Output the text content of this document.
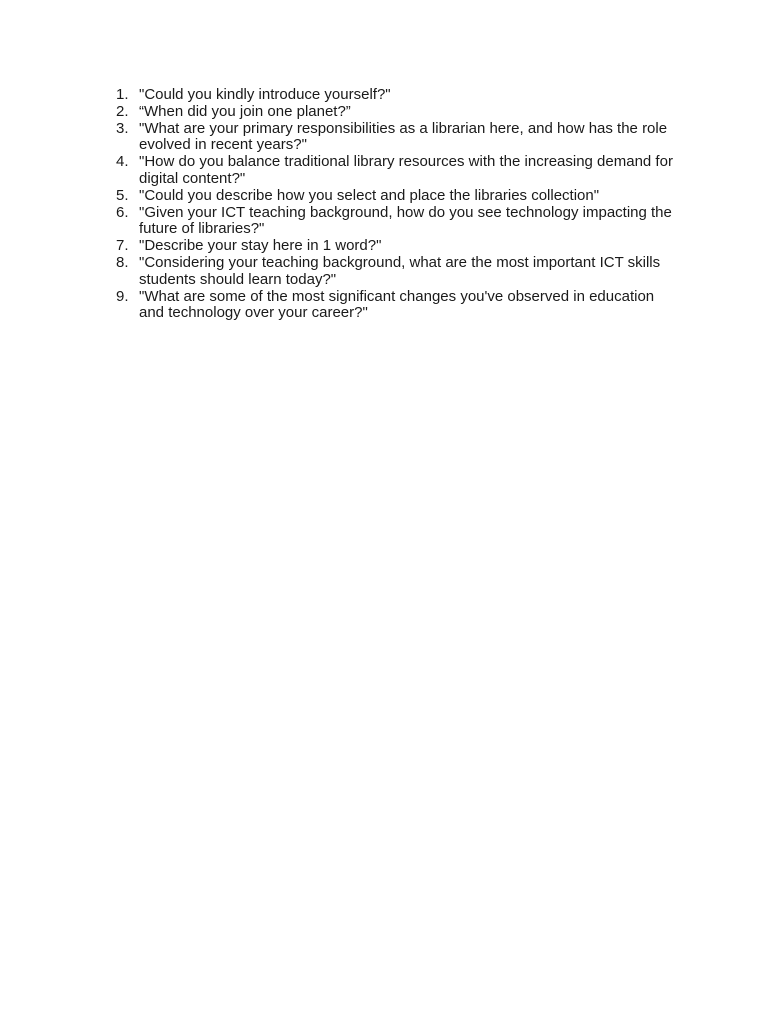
1. "Could you kindly introduce yourself?"
2. “When did you join one planet?”
3. "What are your primary responsibilities as a librarian here, and how has the role evolved in recent years?"
4. "How do you balance traditional library resources with the increasing demand for digital content?"
5. "Could you describe how you select and place the libraries collection"
6. "Given your ICT teaching background, how do you see technology impacting the future of libraries?"
7. "Describe your stay here in 1 word?"
8. "Considering your teaching background, what are the most important ICT skills students should learn today?"
9. "What are some of the most significant changes you've observed in education and technology over your career?"
